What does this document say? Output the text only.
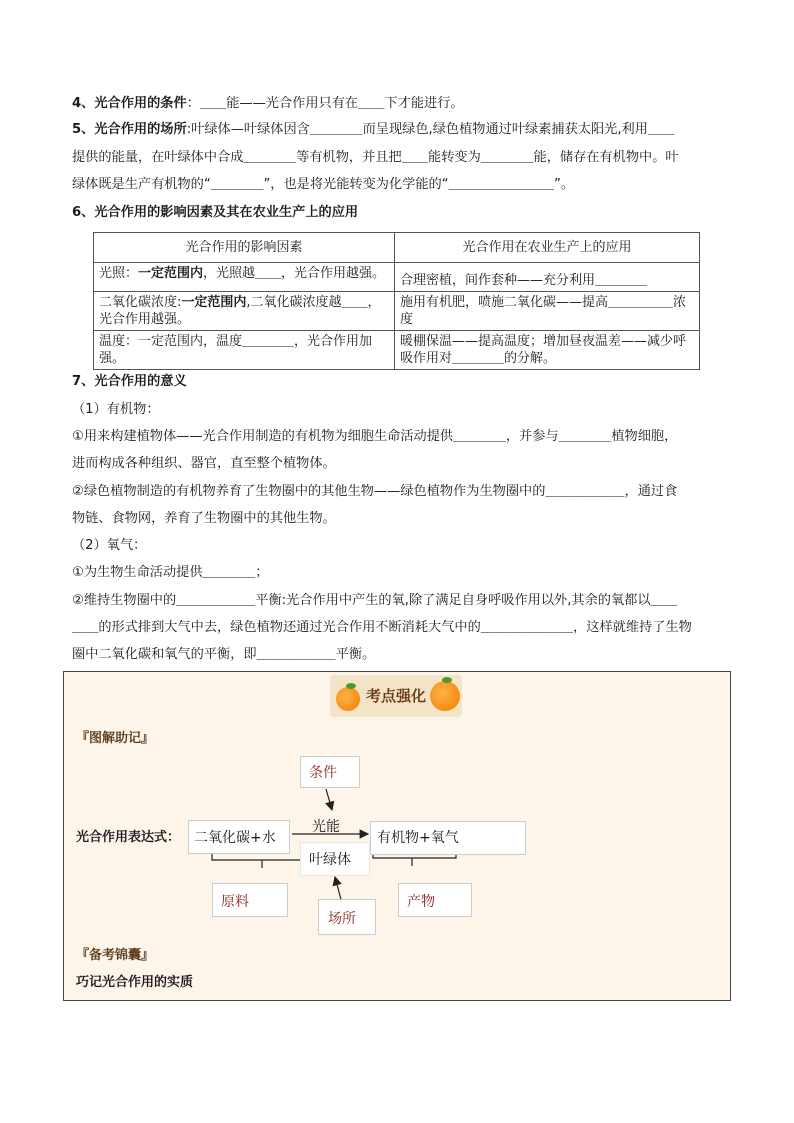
4、光合作用的条件：＿＿能——光合作用只有在＿＿下才能进行。
5、光合作用的场所:叶绿体—叶绿体因含＿＿＿＿而呈现绿色,绿色植物通过叶绿素捕获太阳光,利用＿＿
提供的能量，在叶绿体中合成＿＿＿＿等有机物，并且把＿＿能转变为＿＿＿＿能，储存在有机物中。叶
绿体既是生产有机物的“＿＿＿＿”，也是将光能转变为化学能的“＿＿＿＿＿＿＿＿”。
6、光合作用的影响因素及其在农业生产上的应用
光合作用的影响因素	光合作用在农业生产上的应用
光照：一定范围内，光照越＿＿，光合作用越强。	合理密植，间作套种——充分利用＿＿＿＿
二氧化碳浓度:一定范围内,二氧化碳浓度越＿＿，光合作用越强。	施用有机肥，喷施二氧化碳——提高＿＿＿＿＿浓度
温度：一定范围内，温度＿＿＿＿，光合作用加强。	暖棚保温——提高温度；增加昼夜温差——减少呼吸作用对＿＿＿＿的分解。
7、光合作用的意义
（1）有机物：
①用来构建植物体——光合作用制造的有机物为细胞生命活动提供＿＿＿＿，并参与＿＿＿＿植物细胞，
进而构成各种组织、器官，直至整个植物体。
②绿色植物制造的有机物养育了生物圈中的其他生物——绿色植物作为生物圈中的＿＿＿＿＿＿，通过食
物链、食物网，养育了生物圈中的其他生物。
（2）氧气：
①为生物生命活动提供＿＿＿＿；
②维持生物圈中的＿＿＿＿＿＿平衡:光合作用中产生的氧,除了满足自身呼吸作用以外,其余的氧都以＿＿
＿＿的形式排到大气中去，绿色植物还通过光合作用不断消耗大气中的＿＿＿＿＿＿＿，这样就维持了生物
圈中二氧化碳和氧气的平衡，即＿＿＿＿＿＿平衡。
考点强化
『图解助记』
条件
光合作用表达式： 二氧化碳+水
光能
叶绿体
有机物+氧气
原料
场所
产物
『备考锦囊』
巧记光合作用的实质
